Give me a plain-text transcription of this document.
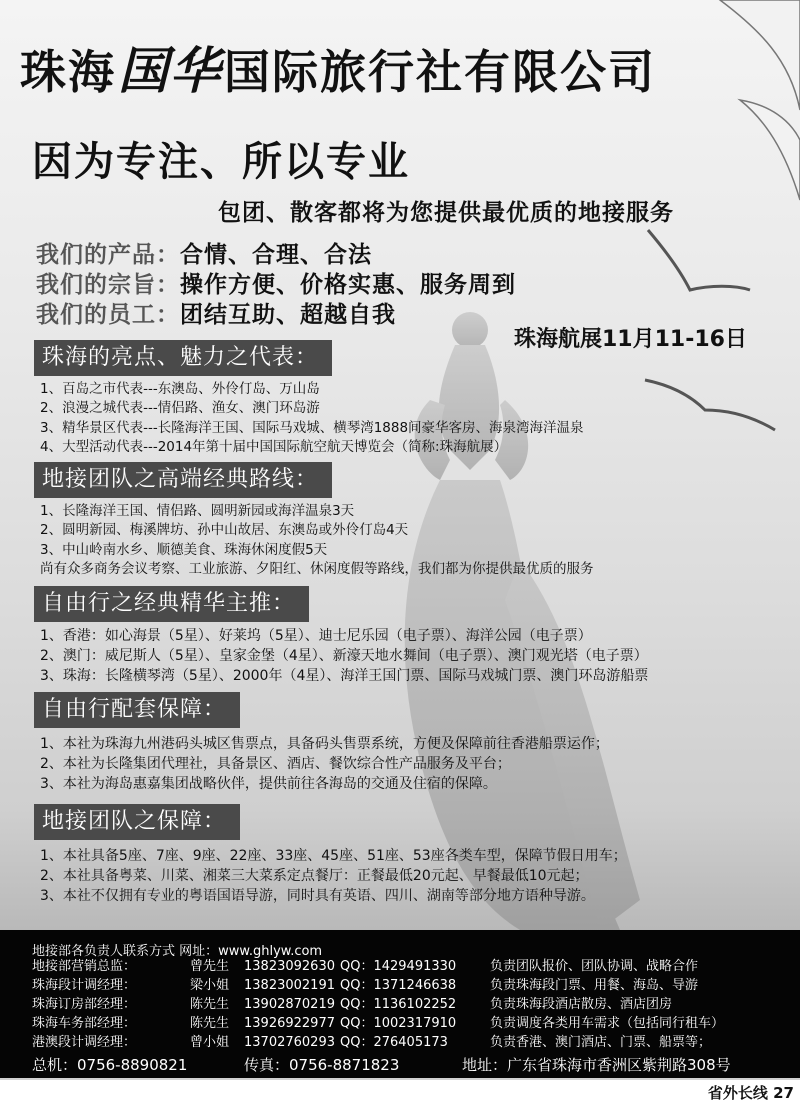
珠海国华国际旅行社有限公司
因为专注、所以专业
包团、散客都将为您提供最优质的地接服务
我们的产品：合情、合理、合法
我们的宗旨：操作方便、价格实惠、服务周到
我们的员工：团结互助、超越自我
珠海航展11月11-16日
珠海的亮点、魅力之代表：
1、百岛之市代表---东澳岛、外伶仃岛、万山岛
2、浪漫之城代表---情侣路、渔女、澳门环岛游
3、精华景区代表---长隆海洋王国、国际马戏城、横琴湾1888间豪华客房、海泉湾海洋温泉
4、大型活动代表---2014年第十届中国国际航空航天博览会（简称:珠海航展）
地接团队之高端经典路线：
1、长隆海洋王国、情侣路、圆明新园或海洋温泉3天
2、圆明新园、梅溪牌坊、孙中山故居、东澳岛或外伶仃岛4天
3、中山岭南水乡、顺德美食、珠海休闲度假5天
尚有众多商务会议考察、工业旅游、夕阳红、休闲度假等路线，我们都为你提供最优质的服务
自由行之经典精华主推：
1、香港：如心海景（5星）、好莱坞（5星）、迪士尼乐园（电子票）、海洋公园（电子票）
2、澳门：威尼斯人（5星）、皇家金堡（4星）、新濠天地水舞间（电子票）、澳门观光塔（电子票）
3、珠海：长隆横琴湾（5星）、2000年（4星）、海洋王国门票、国际马戏城门票、澳门环岛游船票
自由行配套保障：
1、本社为珠海九州港码头城区售票点，具备码头售票系统，方便及保障前往香港船票运作；
2、本社为长隆集团代理社，具备景区、酒店、餐饮综合性产品服务及平台；
3、本社为海岛惠嘉集团战略伙伴，提供前往各海岛的交通及住宿的保障。
地接团队之保障：
1、本社具备5座、7座、9座、22座、33座、45座、51座、53座各类车型，保障节假日用车；
2、本社具备粤菜、川菜、湘菜三大菜系定点餐厅：正餐最低20元起、早餐最低10元起；
3、本社不仅拥有专业的粤语国语导游，同时具有英语、四川、湖南等部分地方语种导游。
地接部各负责人联系方式 网址：www.ghlyw.com
地接部营销总监：	曾先生 13823092630 QQ：1429491330	负责团队报价、团队协调、战略合作
珠海段计调经理：	梁小姐 13823002191 QQ：1371246638	负责珠海段门票、用餐、海岛、导游
珠海订房部经理：	陈先生 13902870219 QQ：1136102252	负责珠海段酒店散房、酒店团房
珠海车务部经理：	陈先生 13926922977 QQ：1002317910	负责调度各类用车需求（包括同行租车）
港澳段计调经理：	曾小姐 13702760293 QQ：276405173	负责香港、澳门酒店、门票、船票等；
总机：0756-8890821	传真：0756-8871823	地址：广东省珠海市香洲区紫荆路308号
省外长线 27
